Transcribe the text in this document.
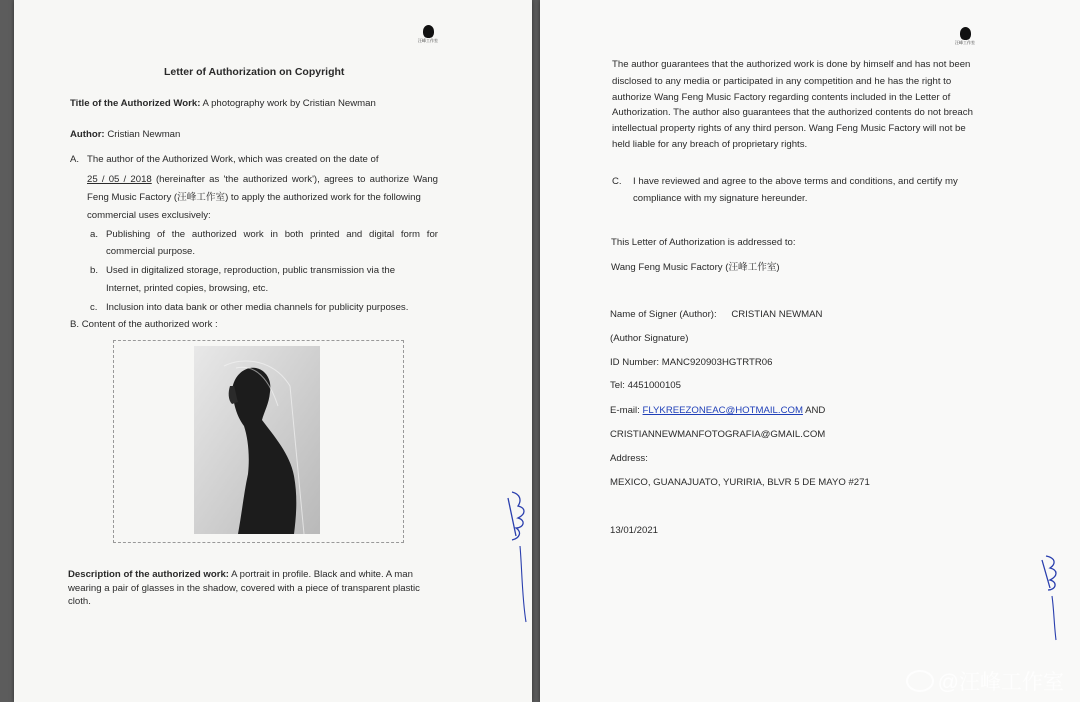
汪峰工作室
Letter of Authorization on Copyright
Title of the Authorized Work: A photography work by Cristian Newman
Author: Cristian Newman
A. The author of the Authorized Work, which was created on the date of
25 / 05 / 2018 (hereinafter as 'the authorized work'), agrees to authorize Wang
Feng Music Factory (汪峰工作室) to apply the authorized work for the following
commercial uses exclusively:
a. Publishing of the authorized work in both printed and digital form for
commercial purpose.
b. Used in digitalized storage, reproduction, public transmission via the
Internet, printed copies, browsing, etc.
c. Inclusion into data bank or other media channels for publicity purposes.
B. Content of the authorized work :
Description of the authorized work: A portrait in profile. Black and white. A man
wearing a pair of glasses in the shadow, covered with a piece of transparent plastic
cloth.
汪峰工作室
The author guarantees that the authorized work is done by himself and has not been
disclosed to any media or participated in any competition and he has the right to
authorize Wang Feng Music Factory regarding contents included in the Letter of
Authorization. The author also guarantees that the authorized contents do not breach
intellectual property rights of any third person. Wang Feng Music Factory will not be
held liable for any breach of proprietary rights.
C. I have reviewed and agree to the above terms and conditions, and certify my
compliance with my signature hereunder.
This Letter of Authorization is addressed to:
Wang Feng Music Factory (汪峰工作室)
Name of Signer (Author): CRISTIAN NEWMAN
(Author Signature)
ID Number: MANC920903HGTRTR06
Tel: 4451000105
E-mail: FLYKREEZONEAC@HOTMAIL.COM AND
CRISTIANNEWMANFOTOGRAFIA@GMAIL.COM
Address:
MEXICO, GUANAJUATO, YURIRIA, BLVR 5 DE MAYO #271
13/01/2021
@汪峰工作室
